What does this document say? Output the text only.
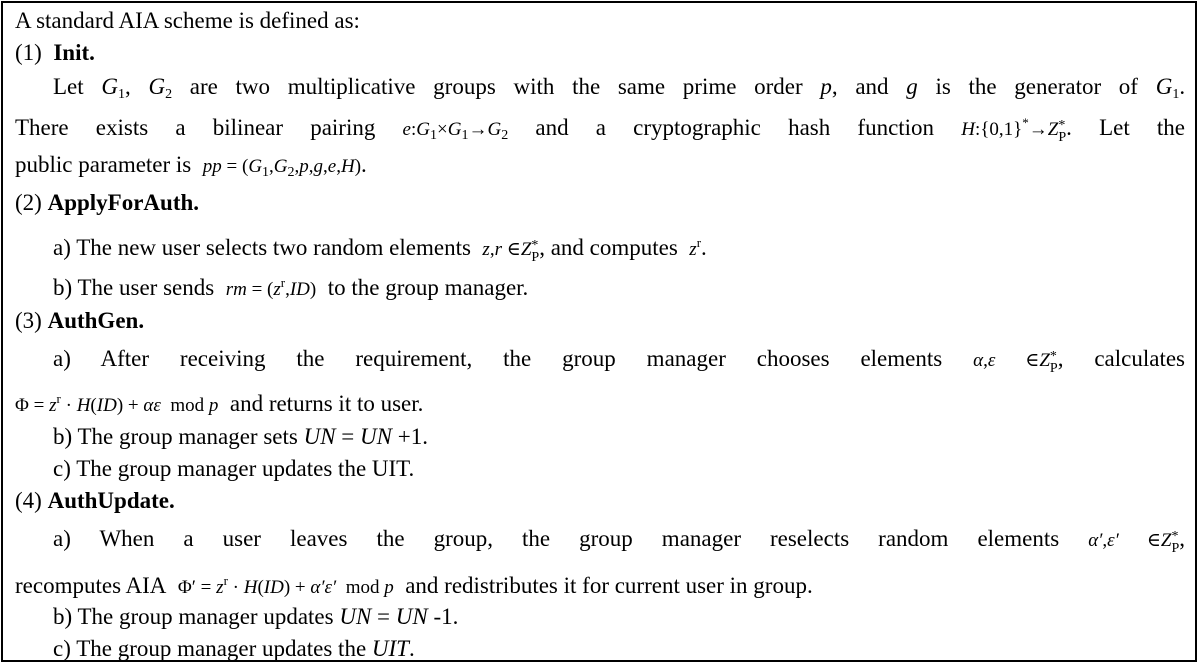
A standard AIA scheme is defined as:
(1) Init.
Let $G_1$, $G_2$ are two multiplicative groups with the same prime order p, and g is the generator of $G_1$.
There exists a bilinear pairing $e:G_1\times G_1\to G_2$ and a cryptographic hash function H:{0,1}*→Z *
P . Let the
public parameter is pp = $(G_1,G_2,p,g,e,H)$.
(2) ApplyForAuth.
a) The new user selects two random elements z,r ∈Z *
P , and computes $z^r$.
b) The user sends rm = $(z^r,ID)$ to the group manager.
(3) AuthGen.
a) After receiving the requirement, the group manager chooses elements α,ε ∈Z *
P , calculates
$\Phi = z^r \cdot H(ID) + \alpha\varepsilon$  mod p and returns it to user.
b) The group manager sets UN = UN +1.
c) The group manager updates the UIT.
(4) AuthUpdate.
a) When a user leaves the group, the group manager reselects random elements α′,ε′ ∈Z *
P ,
recomputes AIA $\Phi' = z^r \cdot H(ID) + \alpha'\varepsilon'$  mod p and redistributes it for current user in group.
b) The group manager updates UN = UN -1.
c) The group manager updates the UIT.
